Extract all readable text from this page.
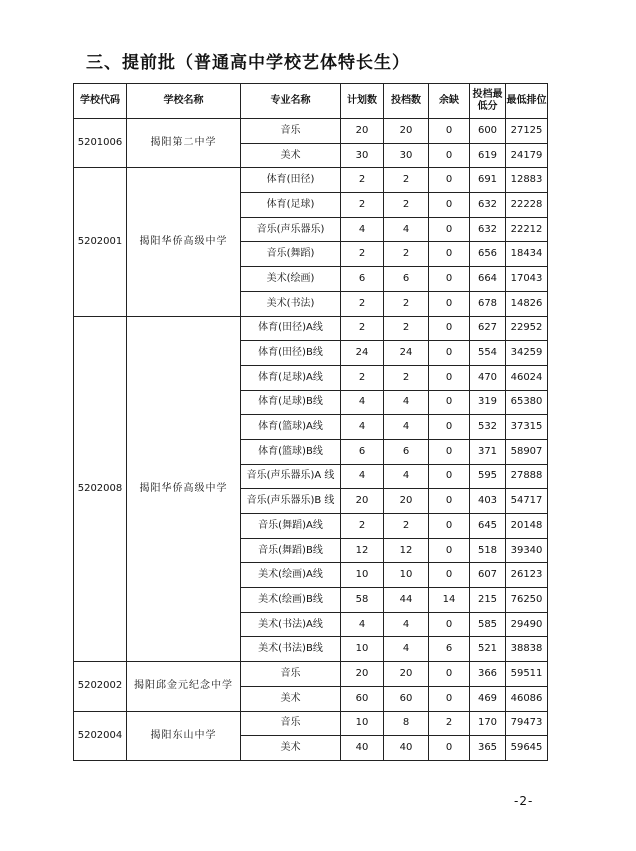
三、提前批（普通高中学校艺体特长生）
学校代码	学校名称	专业名称	计划数	投档数	余缺	投档最低分	最低排位
5201006	揭阳第二中学	音乐	20	20	0	600	27125
		美术	30	30	0	619	24179
5202001	揭阳华侨高级中学	体育(田径)	2	2	0	691	12883
		体育(足球)	2	2	0	632	22228
		音乐(声乐器乐)	4	4	0	632	22212
		音乐(舞蹈)	2	2	0	656	18434
		美术(绘画)	6	6	0	664	17043
		美术(书法)	2	2	0	678	14826
5202008	揭阳华侨高级中学	体育(田径)A线	2	2	0	627	22952
		体育(田径)B线	24	24	0	554	34259
		体育(足球)A线	2	2	0	470	46024
		体育(足球)B线	4	4	0	319	65380
		体育(篮球)A线	4	4	0	532	37315
		体育(篮球)B线	6	6	0	371	58907
		音乐(声乐器乐)A 线	4	4	0	595	27888
		音乐(声乐器乐)B 线	20	20	0	403	54717
		音乐(舞蹈)A线	2	2	0	645	20148
		音乐(舞蹈)B线	12	12	0	518	39340
		美术(绘画)A线	10	10	0	607	26123
		美术(绘画)B线	58	44	14	215	76250
		美术(书法)A线	4	4	0	585	29490
		美术(书法)B线	10	4	6	521	38838
5202002	揭阳邱金元纪念中学	音乐	20	20	0	366	59511
		美术	60	60	0	469	46086
5202004	揭阳东山中学	音乐	10	8	2	170	79473
		美术	40	40	0	365	59645
-2-
